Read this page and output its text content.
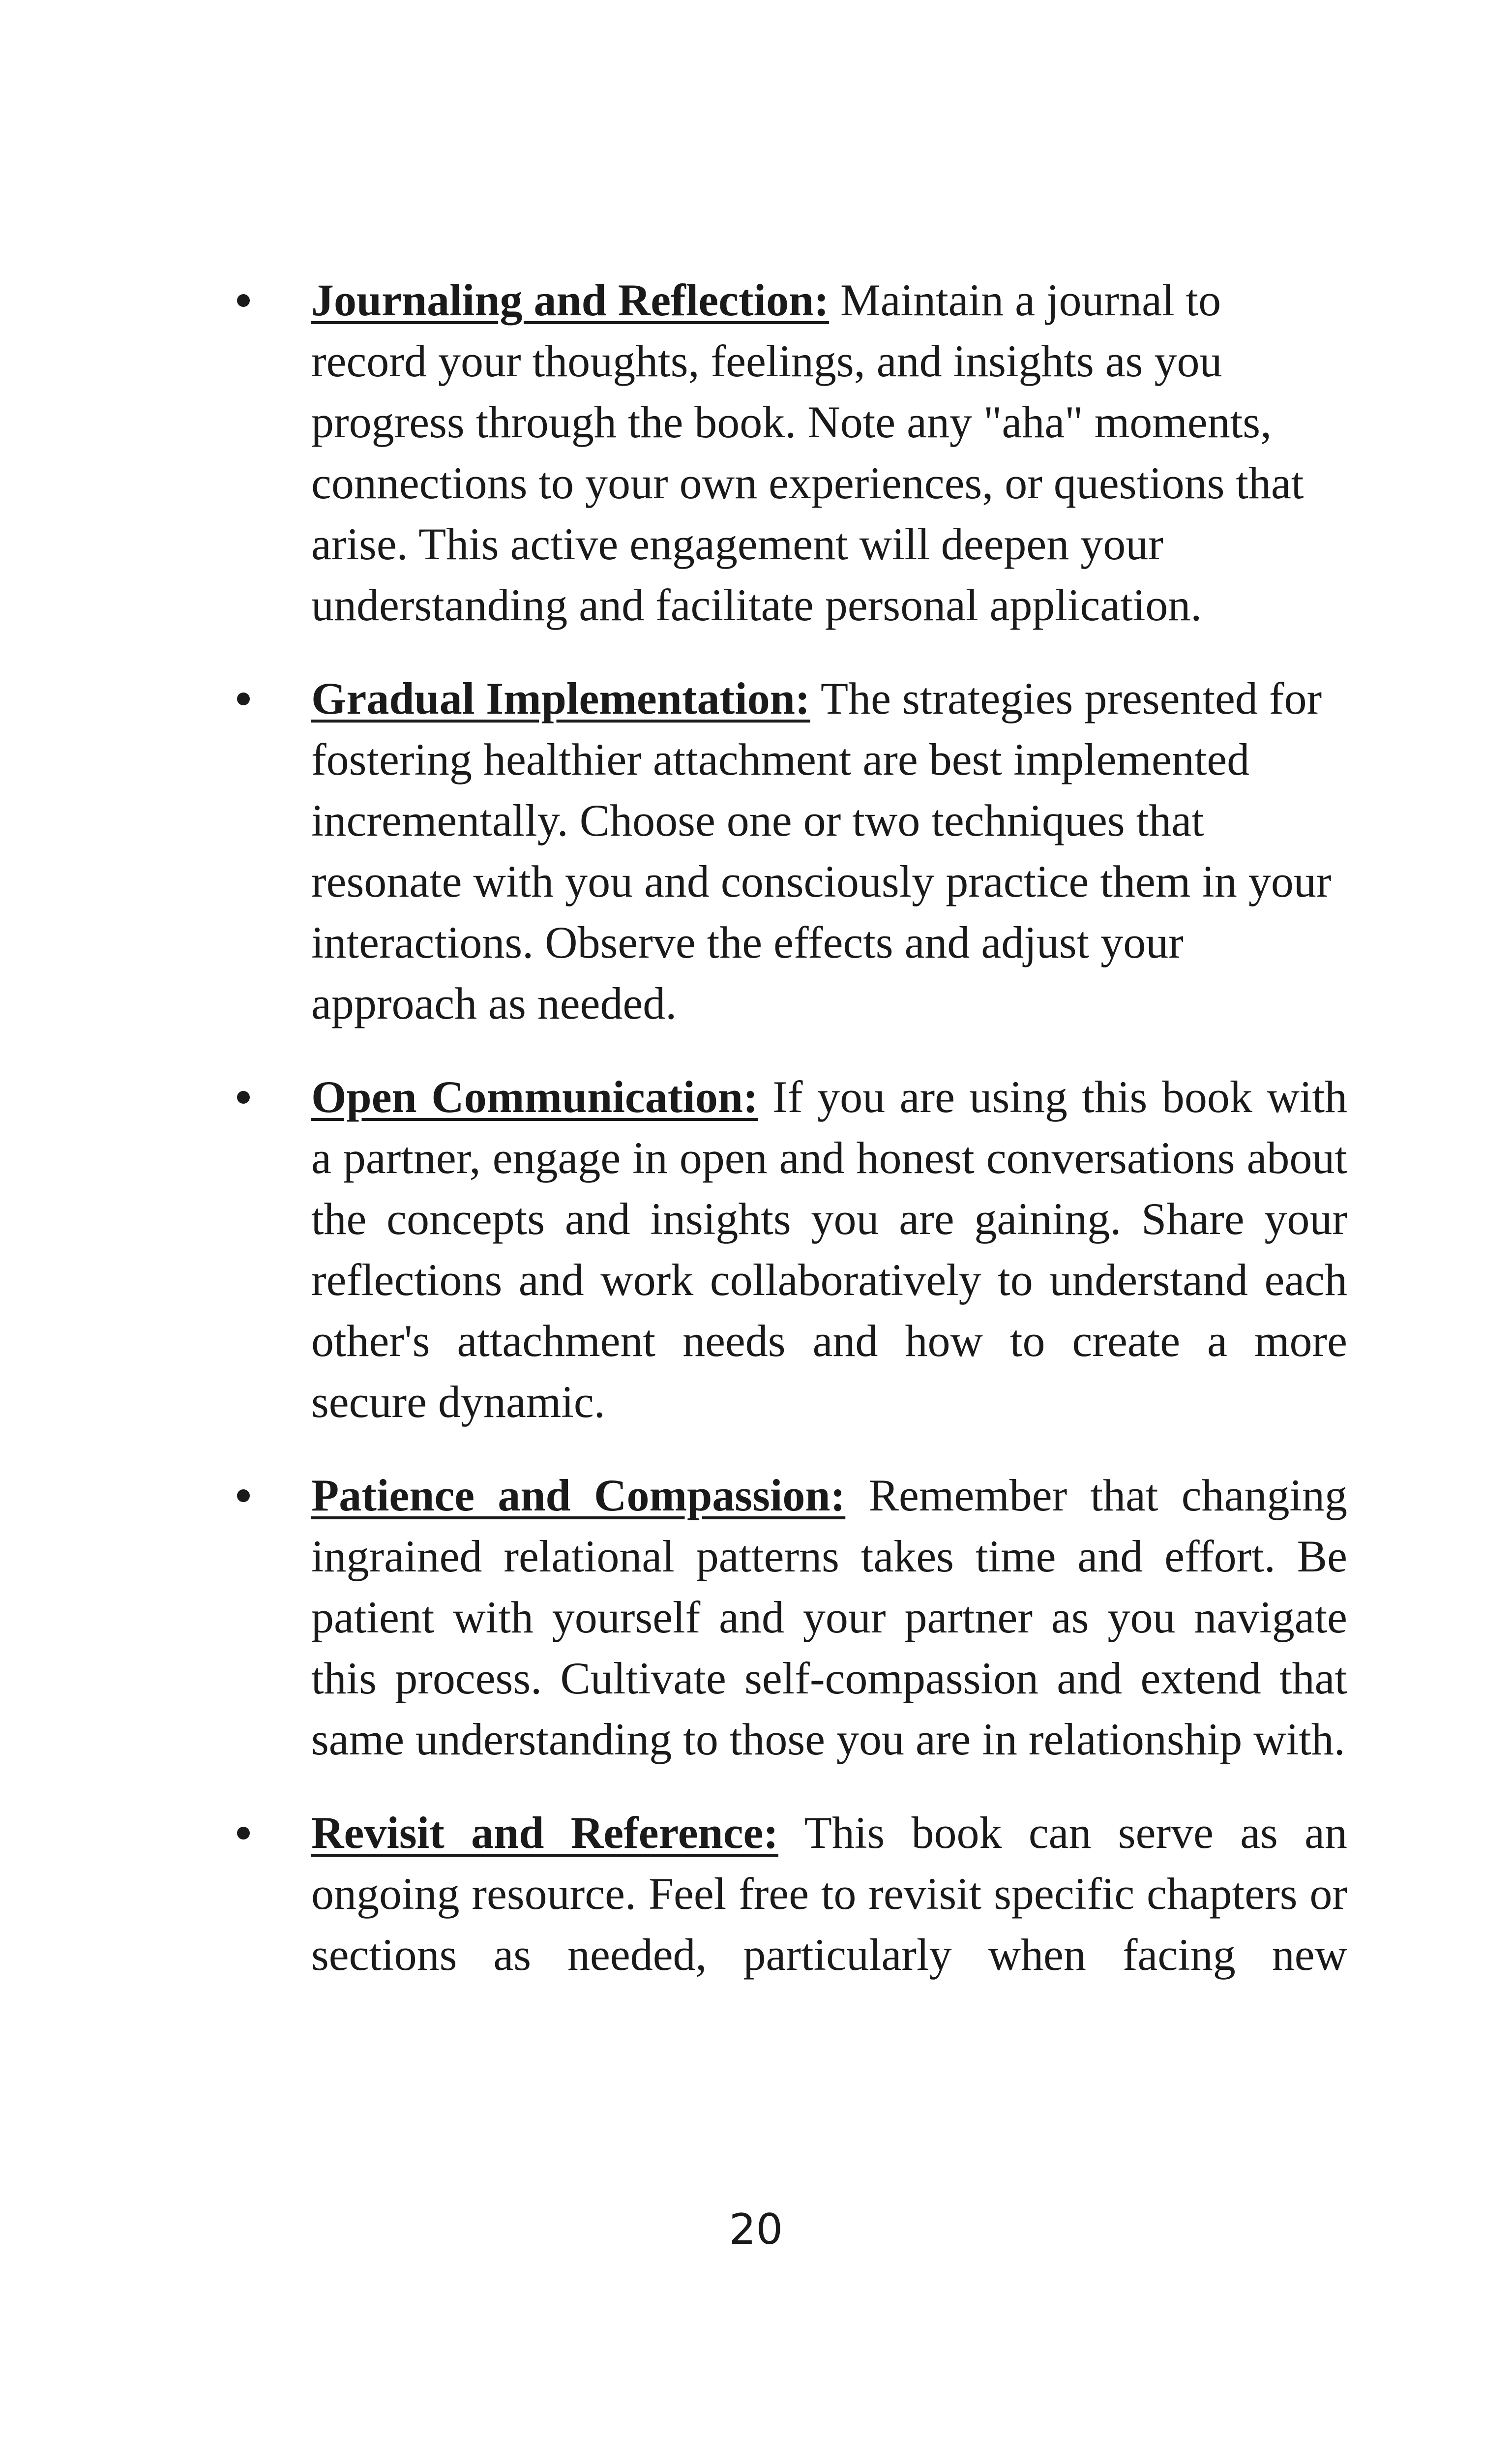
Journaling and Reflection: Maintain a journal to record your thoughts, feelings, and insights as you progress through the book. Note any "aha" moments, connections to your own experiences, or questions that arise. This active engagement will deepen your understanding and facilitate personal application.
Gradual Implementation: The strategies presented for fostering healthier attachment are best implemented incrementally. Choose one or two techniques that resonate with you and consciously practice them in your interactions. Observe the effects and adjust your approach as needed.
Open Communication: If you are using this book with a partner, engage in open and honest conversations about the concepts and insights you are gaining. Share your reflections and work collaboratively to understand each other's attachment needs and how to create a more secure dynamic.
Patience and Compassion: Remember that changing ingrained relational patterns takes time and effort. Be patient with yourself and your partner as you navigate this process. Cultivate self-compassion and extend that same understanding to those you are in relationship with.
Revisit and Reference: This book can serve as an ongoing resource. Feel free to revisit specific chapters or sections as needed, particularly when facing new
20
